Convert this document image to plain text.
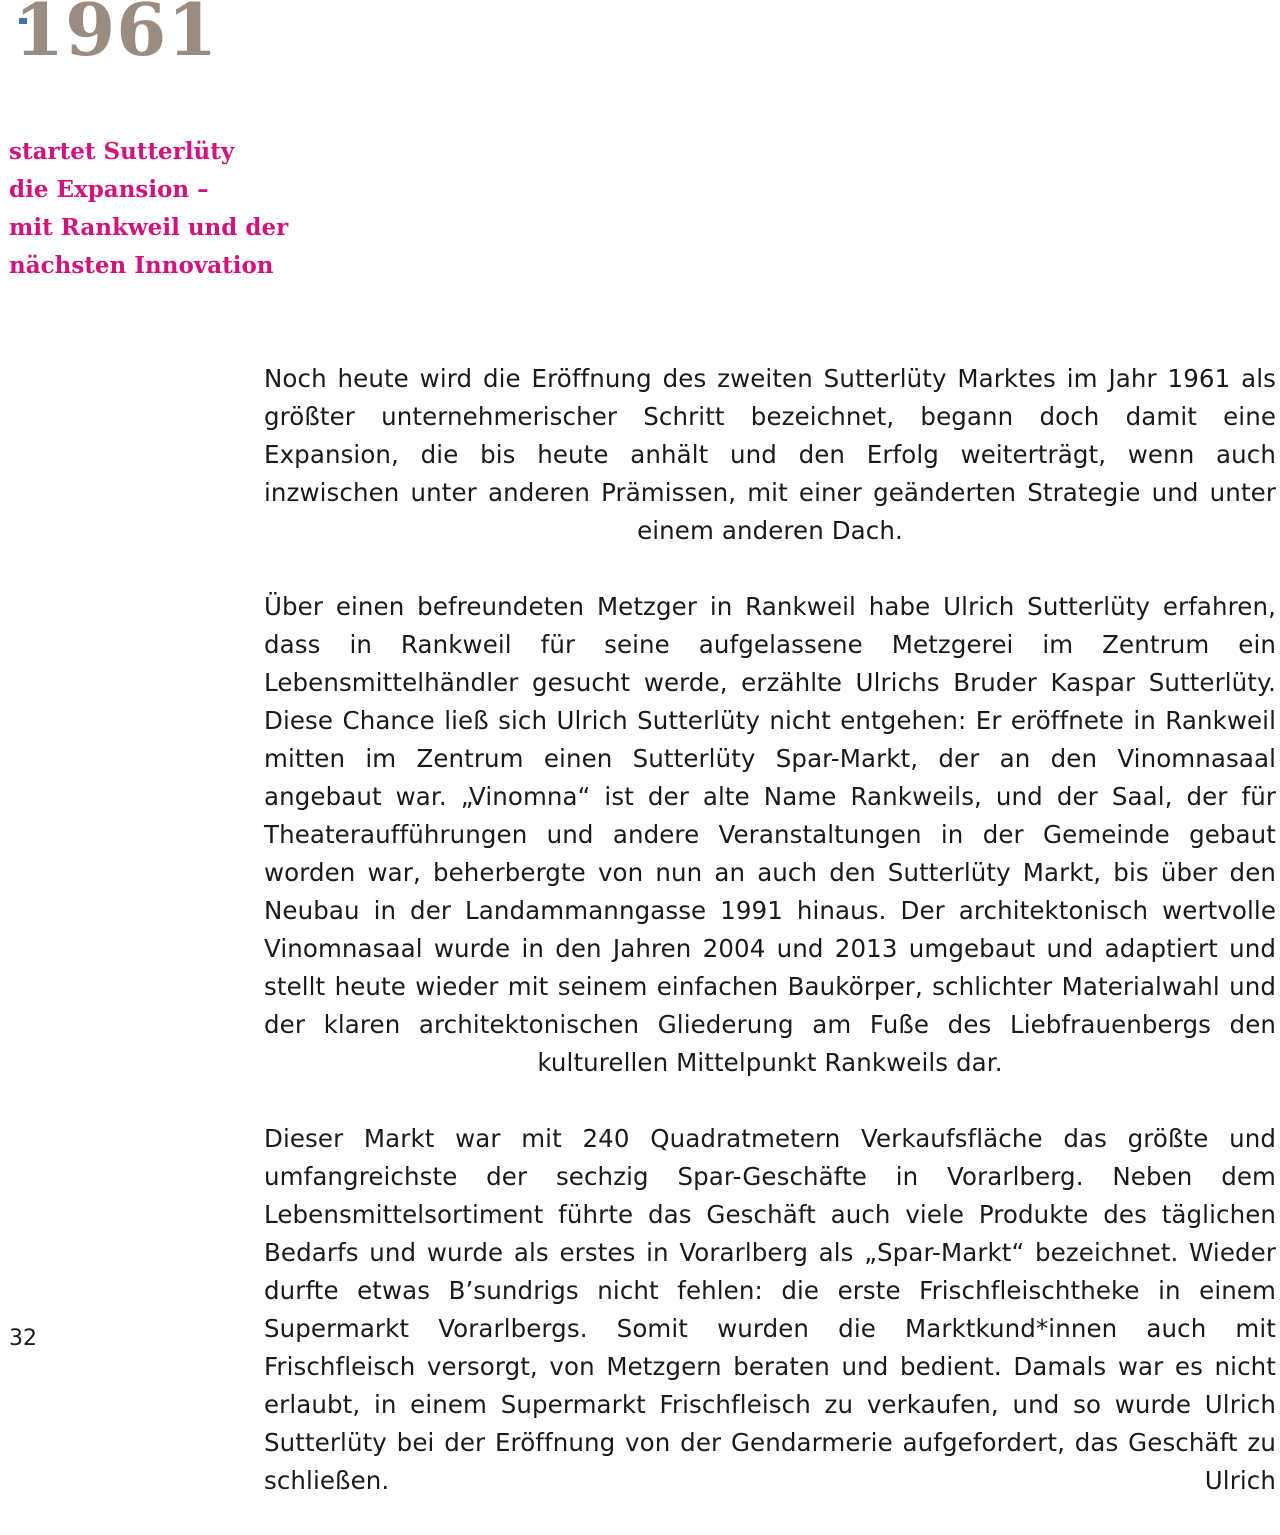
1961
startet Sutterlüty
die Expansion –
mit Rankweil und der
nächsten Innovation
32

Noch heute wird die Eröffnung des zweiten Sutterlüty Marktes im Jahr 1961 als größter unternehmerischer Schritt bezeichnet, begann doch damit eine Expansion, die bis heute anhält und den Erfolg weiterträgt, wenn auch inzwischen unter anderen Prämissen, mit einer geänderten Strategie und unter einem anderen Dach.

Über einen befreundeten Metzger in Rankweil habe Ulrich Sutterlüty erfahren, dass in Rankweil für seine aufgelassene Metzgerei im Zentrum ein Lebensmittelhändler gesucht werde, erzählte Ulrichs Bruder Kaspar Sutterlüty. Diese Chance ließ sich Ulrich Sutterlüty nicht entgehen: Er eröffnete in Rankweil mitten im Zentrum einen Sutterlüty Spar-Markt, der an den Vinomnasaal angebaut war. „Vinomna“ ist der alte Name Rankweils, und der Saal, der für Theateraufführungen und andere Veranstaltungen in der Gemeinde gebaut worden war, beherbergte von nun an auch den Sutterlüty Markt, bis über den Neubau in der Landammanngasse 1991 hinaus. Der architektonisch wertvolle Vinomnasaal wurde in den Jahren 2004 und 2013 umgebaut und adaptiert und stellt heute wieder mit seinem einfachen Baukörper, schlichter Materialwahl und der klaren architektonischen Gliederung am Fuße des Liebfrauenbergs den kulturellen Mittelpunkt Rankweils dar.

Dieser Markt war mit 240 Quadratmetern Verkaufsfläche das größte und umfangreichste der sechzig Spar-Geschäfte in Vorarlberg. Neben dem Lebensmittelsortiment führte das Geschäft auch viele Produkte des täglichen Bedarfs und wurde als erstes in Vorarlberg als „Spar-Markt“ bezeichnet. Wieder durfte etwas B’sundrigs nicht fehlen: die erste Frischfleischtheke in einem Supermarkt Vorarlbergs. Somit wurden die Marktkund*innen auch mit Frischfleisch versorgt, von Metzgern beraten und bedient. Damals war es nicht erlaubt, in einem Supermarkt Frischfleisch zu verkaufen, und so wurde Ulrich Sutterlüty bei der Eröffnung von der Gendarmerie aufgefordert, das Geschäft zu schließen. Ulrich
